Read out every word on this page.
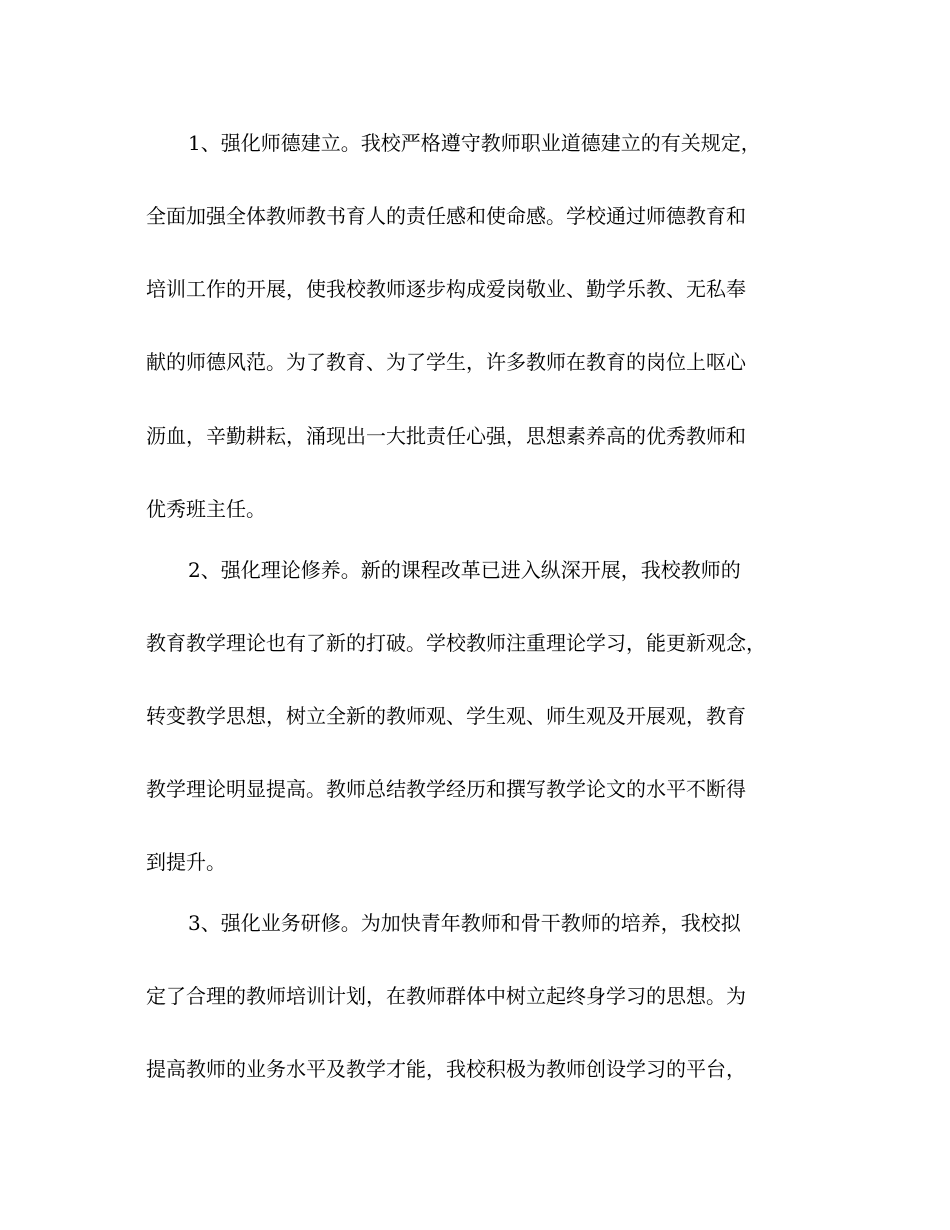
1、强化师德建立。我校严格遵守教师职业道德建立的有关规定，

全面加强全体教师教书育人的责任感和使命感。学校通过师德教育和

培训工作的开展，使我校教师逐步构成爱岗敬业、勤学乐教、无私奉

献的师德风范。为了教育、为了学生，许多教师在教育的岗位上呕心

沥血，辛勤耕耘，涌现出一大批责任心强，思想素养高的优秀教师和

优秀班主任。

2、强化理论修养。新的课程改革已进入纵深开展，我校教师的

教育教学理论也有了新的打破。学校教师注重理论学习，能更新观念，

转变教学思想，树立全新的教师观、学生观、师生观及开展观，教育

教学理论明显提高。教师总结教学经历和撰写教学论文的水平不断得

到提升。

3、强化业务研修。为加快青年教师和骨干教师的培养，我校拟

定了合理的教师培训计划，在教师群体中树立起终身学习的思想。为

提高教师的业务水平及教学才能，我校积极为教师创设学习的平台，
